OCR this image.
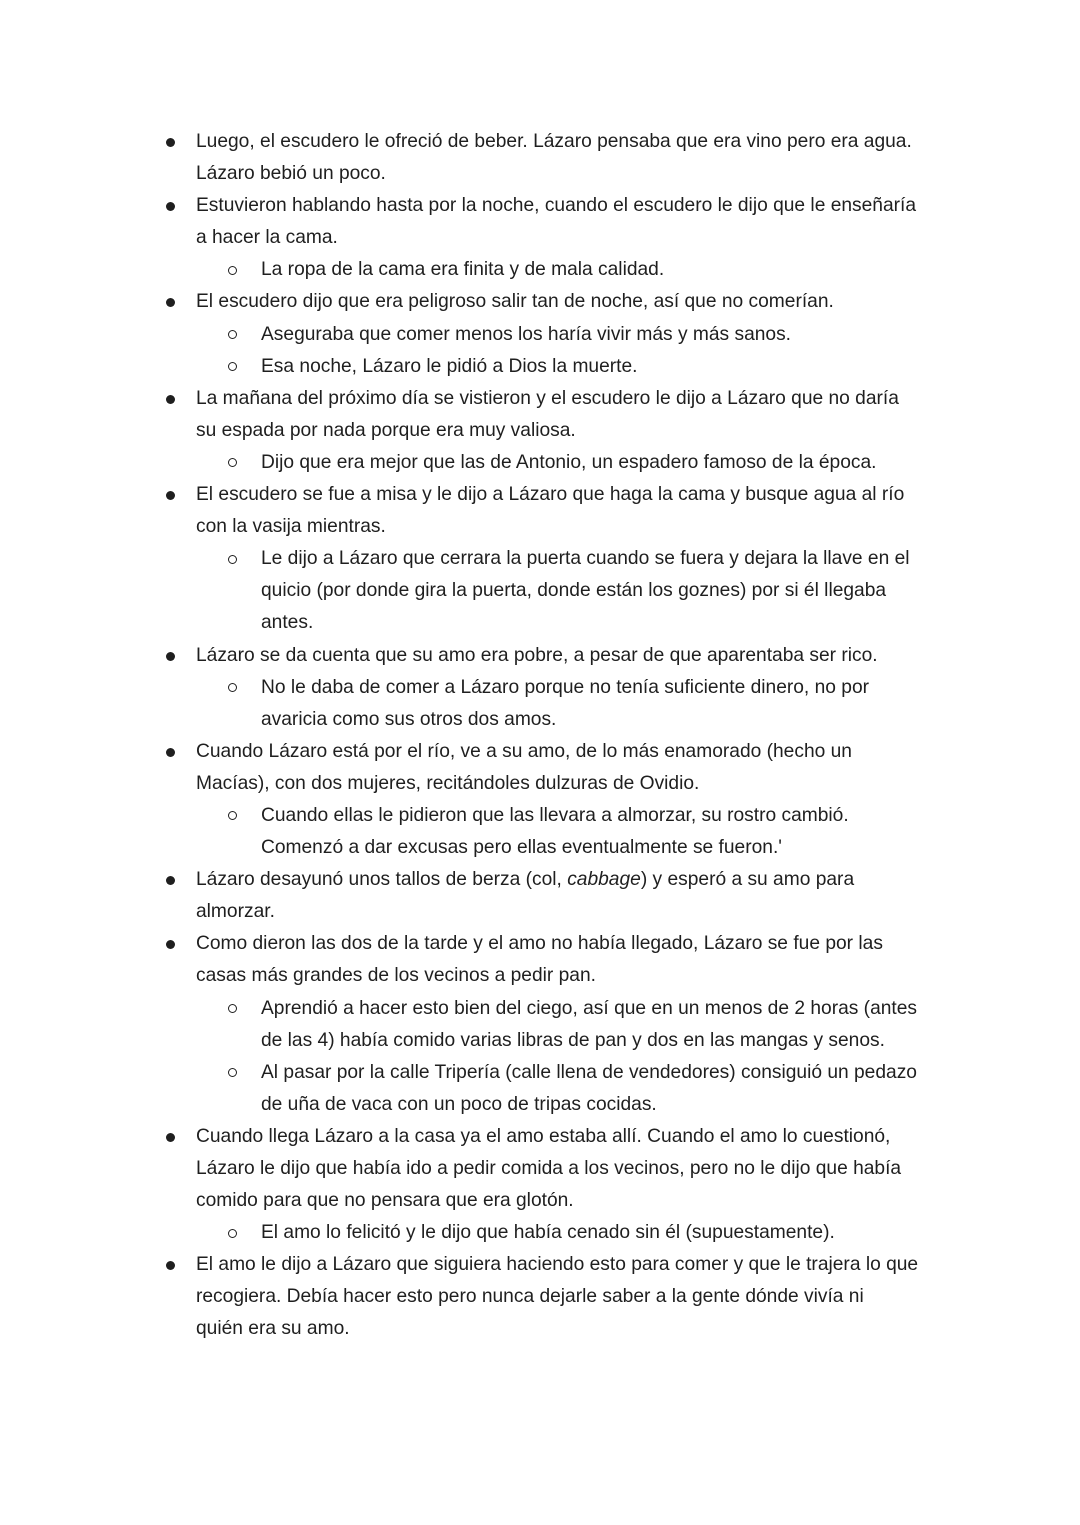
Luego, el escudero le ofreció de beber. Lázaro pensaba que era vino pero era agua.
Lázaro bebió un poco.
Estuvieron hablando hasta por la noche, cuando el escudero le dijo que le enseñaría
a hacer la cama.
La ropa de la cama era finita y de mala calidad.
El escudero dijo que era peligroso salir tan de noche, así que no comerían.
Aseguraba que comer menos los haría vivir más y más sanos.
Esa noche, Lázaro le pidió a Dios la muerte.
La mañana del próximo día se vistieron y el escudero le dijo a Lázaro que no daría
su espada por nada porque era muy valiosa.
Dijo que era mejor que las de Antonio, un espadero famoso de la época.
El escudero se fue a misa y le dijo a Lázaro que haga la cama y busque agua al río
con la vasija mientras.
Le dijo a Lázaro que cerrara la puerta cuando se fuera y dejara la llave en el
quicio (por donde gira la puerta, donde están los goznes) por si él llegaba
antes.
Lázaro se da cuenta que su amo era pobre, a pesar de que aparentaba ser rico.
No le daba de comer a Lázaro porque no tenía suficiente dinero, no por
avaricia como sus otros dos amos.
Cuando Lázaro está por el río, ve a su amo, de lo más enamorado (hecho un
Macías), con dos mujeres, recitándoles dulzuras de Ovidio.
Cuando ellas le pidieron que las llevara a almorzar, su rostro cambió.
Comenzó a dar excusas pero ellas eventualmente se fueron.'
Lázaro desayunó unos tallos de berza (col, cabbage) y esperó a su amo para
almorzar.
Como dieron las dos de la tarde y el amo no había llegado, Lázaro se fue por las
casas más grandes de los vecinos a pedir pan.
Aprendió a hacer esto bien del ciego, así que en un menos de 2 horas (antes
de las 4) había comido varias libras de pan y dos en las mangas y senos.
Al pasar por la calle Tripería (calle llena de vendedores) consiguió un pedazo
de uña de vaca con un poco de tripas cocidas.
Cuando llega Lázaro a la casa ya el amo estaba allí. Cuando el amo lo cuestionó,
Lázaro le dijo que había ido a pedir comida a los vecinos, pero no le dijo que había
comido para que no pensara que era glotón.
El amo lo felicitó y le dijo que había cenado sin él (supuestamente).
El amo le dijo a Lázaro que siguiera haciendo esto para comer y que le trajera lo que
recogiera. Debía hacer esto pero nunca dejarle saber a la gente dónde vivía ni
quién era su amo.
